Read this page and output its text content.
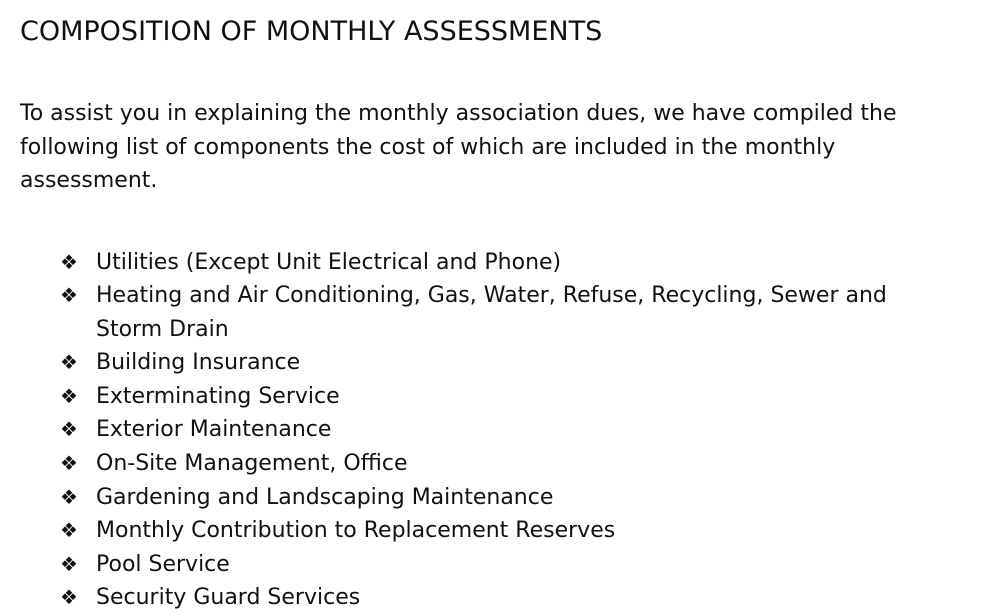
COMPOSITION OF MONTHLY ASSESSMENTS

To assist you in explaining the monthly association dues, we have compiled the
following list of components the cost of which are included in the monthly
assessment.

❖ Utilities (Except Unit Electrical and Phone)
❖ Heating and Air Conditioning, Gas, Water, Refuse, Recycling, Sewer and
Storm Drain
❖ Building Insurance
❖ Exterminating Service
❖ Exterior Maintenance
❖ On-Site Management, Office
❖ Gardening and Landscaping Maintenance
❖ Monthly Contribution to Replacement Reserves
❖ Pool Service
❖ Security Guard Services
